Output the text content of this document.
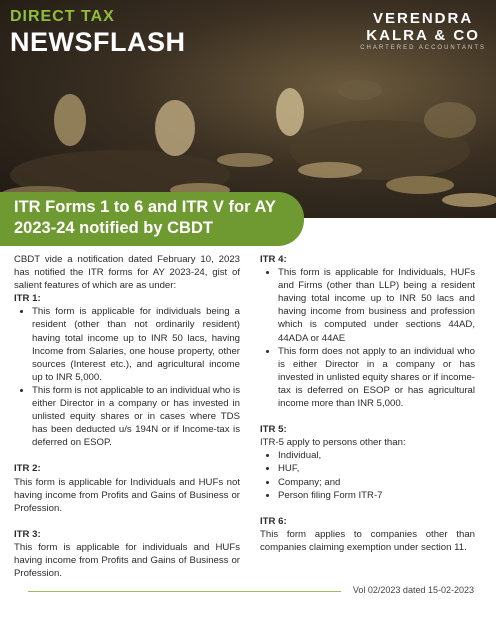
DIRECT TAX
NEWSFLASH
VERENDRA
KALRA & CO
CHARTERED ACCOUNTANTS
ITR Forms 1 to 6 and ITR V for AY 2023-24 notified by CBDT

CBDT vide a notification dated February 10, 2023 has notified the ITR forms for AY 2023-24, gist of salient features of which are as under:

ITR 1:

• This form is applicable for individuals being a resident (other than not ordinarily resident) having total income up to INR 50 lacs, having Income from Salaries, one house property, other sources (Interest etc.), and agricultural income up to INR 5,000.
• This form is not applicable to an individual who is either Director in a company or has invested in unlisted equity shares or in cases where TDS has been deducted u/s 194N or if Income-tax is deferred on ESOP.

ITR 2:

This form is applicable for Individuals and HUFs not having income from Profits and Gains of Business or Profession.

ITR 3:

This form is applicable for individuals and HUFs having income from Profits and Gains of Business or Profession.

ITR 4:

• This form is applicable for Individuals, HUFs and Firms (other than LLP) being a resident having total income up to INR 50 lacs and having income from business and profession which is computed under sections 44AD, 44ADA or 44AE
• This form does not apply to an individual who is either Director in a company or has invested in unlisted equity shares or if income-tax is deferred on ESOP or has agricultural income more than INR 5,000.

ITR 5:

ITR-5 apply to persons other than:

• Individual,
• HUF,
• Company; and
• Person filing Form ITR-7

ITR 6:

This form applies to companies other than companies claiming exemption under section 11.

Vol 02/2023 dated 15-02-2023
